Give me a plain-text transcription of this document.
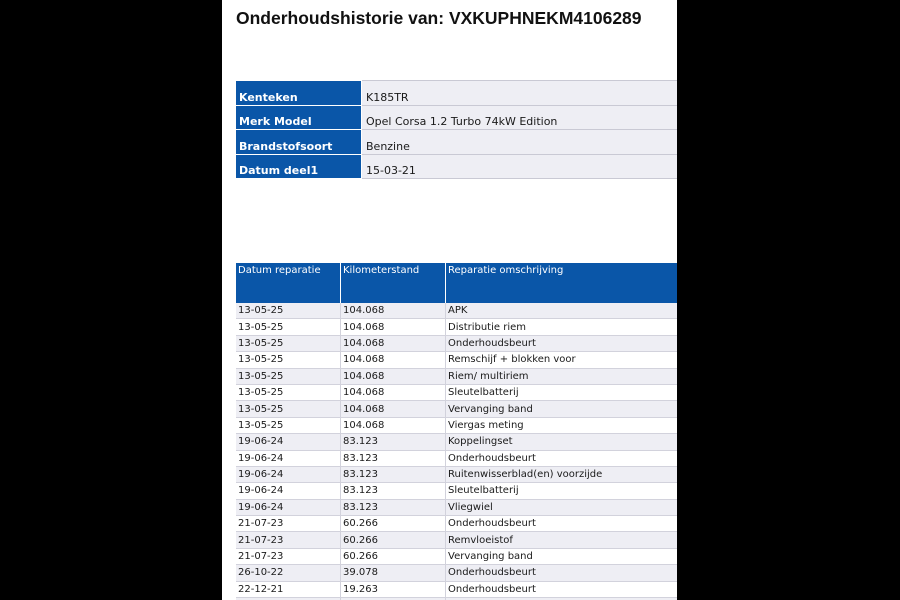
Onderhoudshistorie van: VXKUPHNEKM4106289
Kenteken	K185TR
Merk Model	Opel Corsa 1.2 Turbo 74kW Edition
Brandstofsoort	Benzine
Datum deel1	15-03-21
Datum reparatie	Kilometerstand	Reparatie omschrijving
13-05-25	104.068	APK
13-05-25	104.068	Distributie riem
13-05-25	104.068	Onderhoudsbeurt
13-05-25	104.068	Remschijf + blokken voor
13-05-25	104.068	Riem/ multiriem
13-05-25	104.068	Sleutelbatterij
13-05-25	104.068	Vervanging band
13-05-25	104.068	Viergas meting
19-06-24	83.123	Koppelingset
19-06-24	83.123	Onderhoudsbeurt
19-06-24	83.123	Ruitenwisserblad(en) voorzijde
19-06-24	83.123	Sleutelbatterij
19-06-24	83.123	Vliegwiel
21-07-23	60.266	Onderhoudsbeurt
21-07-23	60.266	Remvloeistof
21-07-23	60.266	Vervanging band
26-10-22	39.078	Onderhoudsbeurt
22-12-21	19.263	Onderhoudsbeurt
